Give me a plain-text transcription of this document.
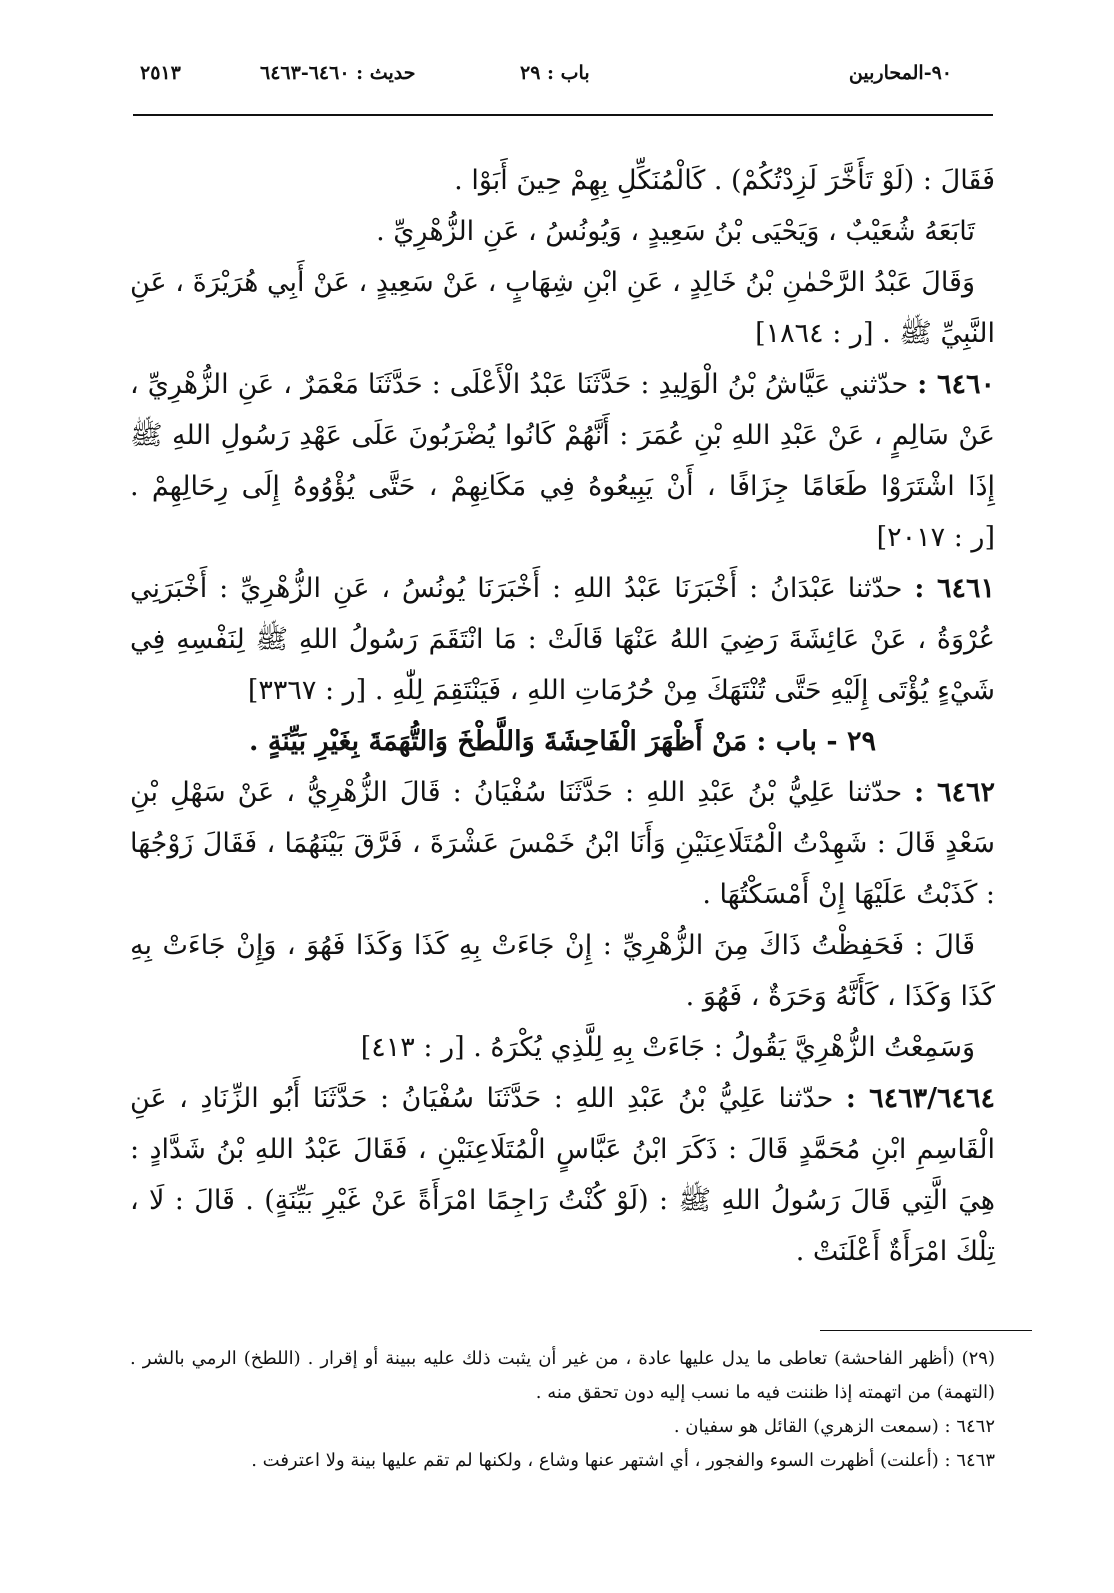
٩٠-المحاربين
باب : ٢٩
حديث : ٦٤٦٠-٦٤٦٣
٢٥١٣

فَقَالَ : (لَوْ تَأَخَّرَ لَزِدْتُكُمْ) . كَالْمُنَكِّلِ بِهِمْ حِينَ أَبَوْا .

تَابَعَهُ شُعَيْبٌ ، وَيَحْيَى بْنُ سَعِيدٍ ، وَيُونُسُ ، عَنِ الزُّهْرِيِّ .

وَقَالَ عَبْدُ الرَّحْمٰنِ بْنُ خَالِدٍ ، عَنِ ابْنِ شِهَابٍ ، عَنْ سَعِيدٍ ، عَنْ أَبِي هُرَيْرَةَ ، عَنِ النَّبِيِّ ﷺ . [ر : ١٨٦٤]

٦٤٦٠ : حدّثني عَيَّاشُ بْنُ الْوَلِيدِ : حَدَّثَنَا عَبْدُ الْأَعْلَى : حَدَّثَنَا مَعْمَرٌ ، عَنِ الزُّهْرِيِّ ، عَنْ سَالِمٍ ، عَنْ عَبْدِ اللهِ بْنِ عُمَرَ : أَنَّهُمْ كَانُوا يُضْرَبُونَ عَلَى عَهْدِ رَسُولِ اللهِ ﷺ إِذَا اشْتَرَوْا طَعَامًا جِزَافًا ، أَنْ يَبِيعُوهُ فِي مَكَانِهِمْ ، حَتَّى يُؤْوُوهُ إِلَى رِحَالِهِمْ . [ر : ٢٠١٧]

٦٤٦١ : حدّثنا عَبْدَانُ : أَخْبَرَنَا عَبْدُ اللهِ : أَخْبَرَنَا يُونُسُ ، عَنِ الزُّهْرِيِّ : أَخْبَرَنِي عُرْوَةُ ، عَنْ عَائِشَةَ رَضِيَ اللهُ عَنْهَا قَالَتْ : مَا انْتَقَمَ رَسُولُ اللهِ ﷺ لِنَفْسِهِ فِي شَيْءٍ يُؤْتَى إِلَيْهِ حَتَّى تُنْتَهَكَ مِنْ حُرُمَاتِ اللهِ ، فَيَنْتَقِمَ لِلّٰهِ . [ر : ٣٣٦٧]

٢٩ - باب : مَنْ أَظْهَرَ الْفَاحِشَةَ وَاللَّطْخَ وَالتُّهَمَةَ بِغَيْرِ بَيِّنَةٍ .

٦٤٦٢ : حدّثنا عَلِيُّ بْنُ عَبْدِ اللهِ : حَدَّثَنَا سُفْيَانُ : قَالَ الزُّهْرِيُّ ، عَنْ سَهْلِ بْنِ سَعْدٍ قَالَ : شَهِدْتُ الْمُتَلَاعِنَيْنِ وَأَنَا ابْنُ خَمْسَ عَشْرَةَ ، فَرَّقَ بَيْنَهُمَا ، فَقَالَ زَوْجُهَا : كَذَبْتُ عَلَيْهَا إِنْ أَمْسَكْتُهَا .

قَالَ : فَحَفِظْتُ ذَاكَ مِنَ الزُّهْرِيِّ : إِنْ جَاءَتْ بِهِ كَذَا وَكَذَا فَهُوَ ، وَإِنْ جَاءَتْ بِهِ كَذَا وَكَذَا ، كَأَنَّهُ وَحَرَةٌ ، فَهُوَ .

وَسَمِعْتُ الزُّهْرِيَّ يَقُولُ : جَاءَتْ بِهِ لِلَّذِي يُكْرَهُ . [ر : ٤١٣]

٦٤٦٣/٦٤٦٤ : حدّثنا عَلِيُّ بْنُ عَبْدِ اللهِ : حَدَّثَنَا سُفْيَانُ : حَدَّثَنَا أَبُو الزِّنَادِ ، عَنِ الْقَاسِمِ ابْنِ مُحَمَّدٍ قَالَ : ذَكَرَ ابْنُ عَبَّاسٍ الْمُتَلَاعِنَيْنِ ، فَقَالَ عَبْدُ اللهِ بْنُ شَدَّادٍ : هِيَ الَّتِي قَالَ رَسُولُ اللهِ ﷺ : (لَوْ كُنْتُ رَاجِمًا امْرَأَةً عَنْ غَيْرِ بَيِّنَةٍ) . قَالَ : لَا ، تِلْكَ امْرَأَةٌ أَعْلَنَتْ .

(٢٩) (أظهر الفاحشة) تعاطى ما يدل عليها عادة ، من غير أن يثبت ذلك عليه ببينة أو إقرار . (اللطخ) الرمي بالشر . (التهمة) من اتهمته إذا ظننت فيه ما نسب إليه دون تحقق منه .

٦٤٦٢ : (سمعت الزهري) القائل هو سفيان .

٦٤٦٣ : (أعلنت) أظهرت السوء والفجور ، أي اشتهر عنها وشاع ، ولكنها لم تقم عليها بينة ولا اعترفت .
